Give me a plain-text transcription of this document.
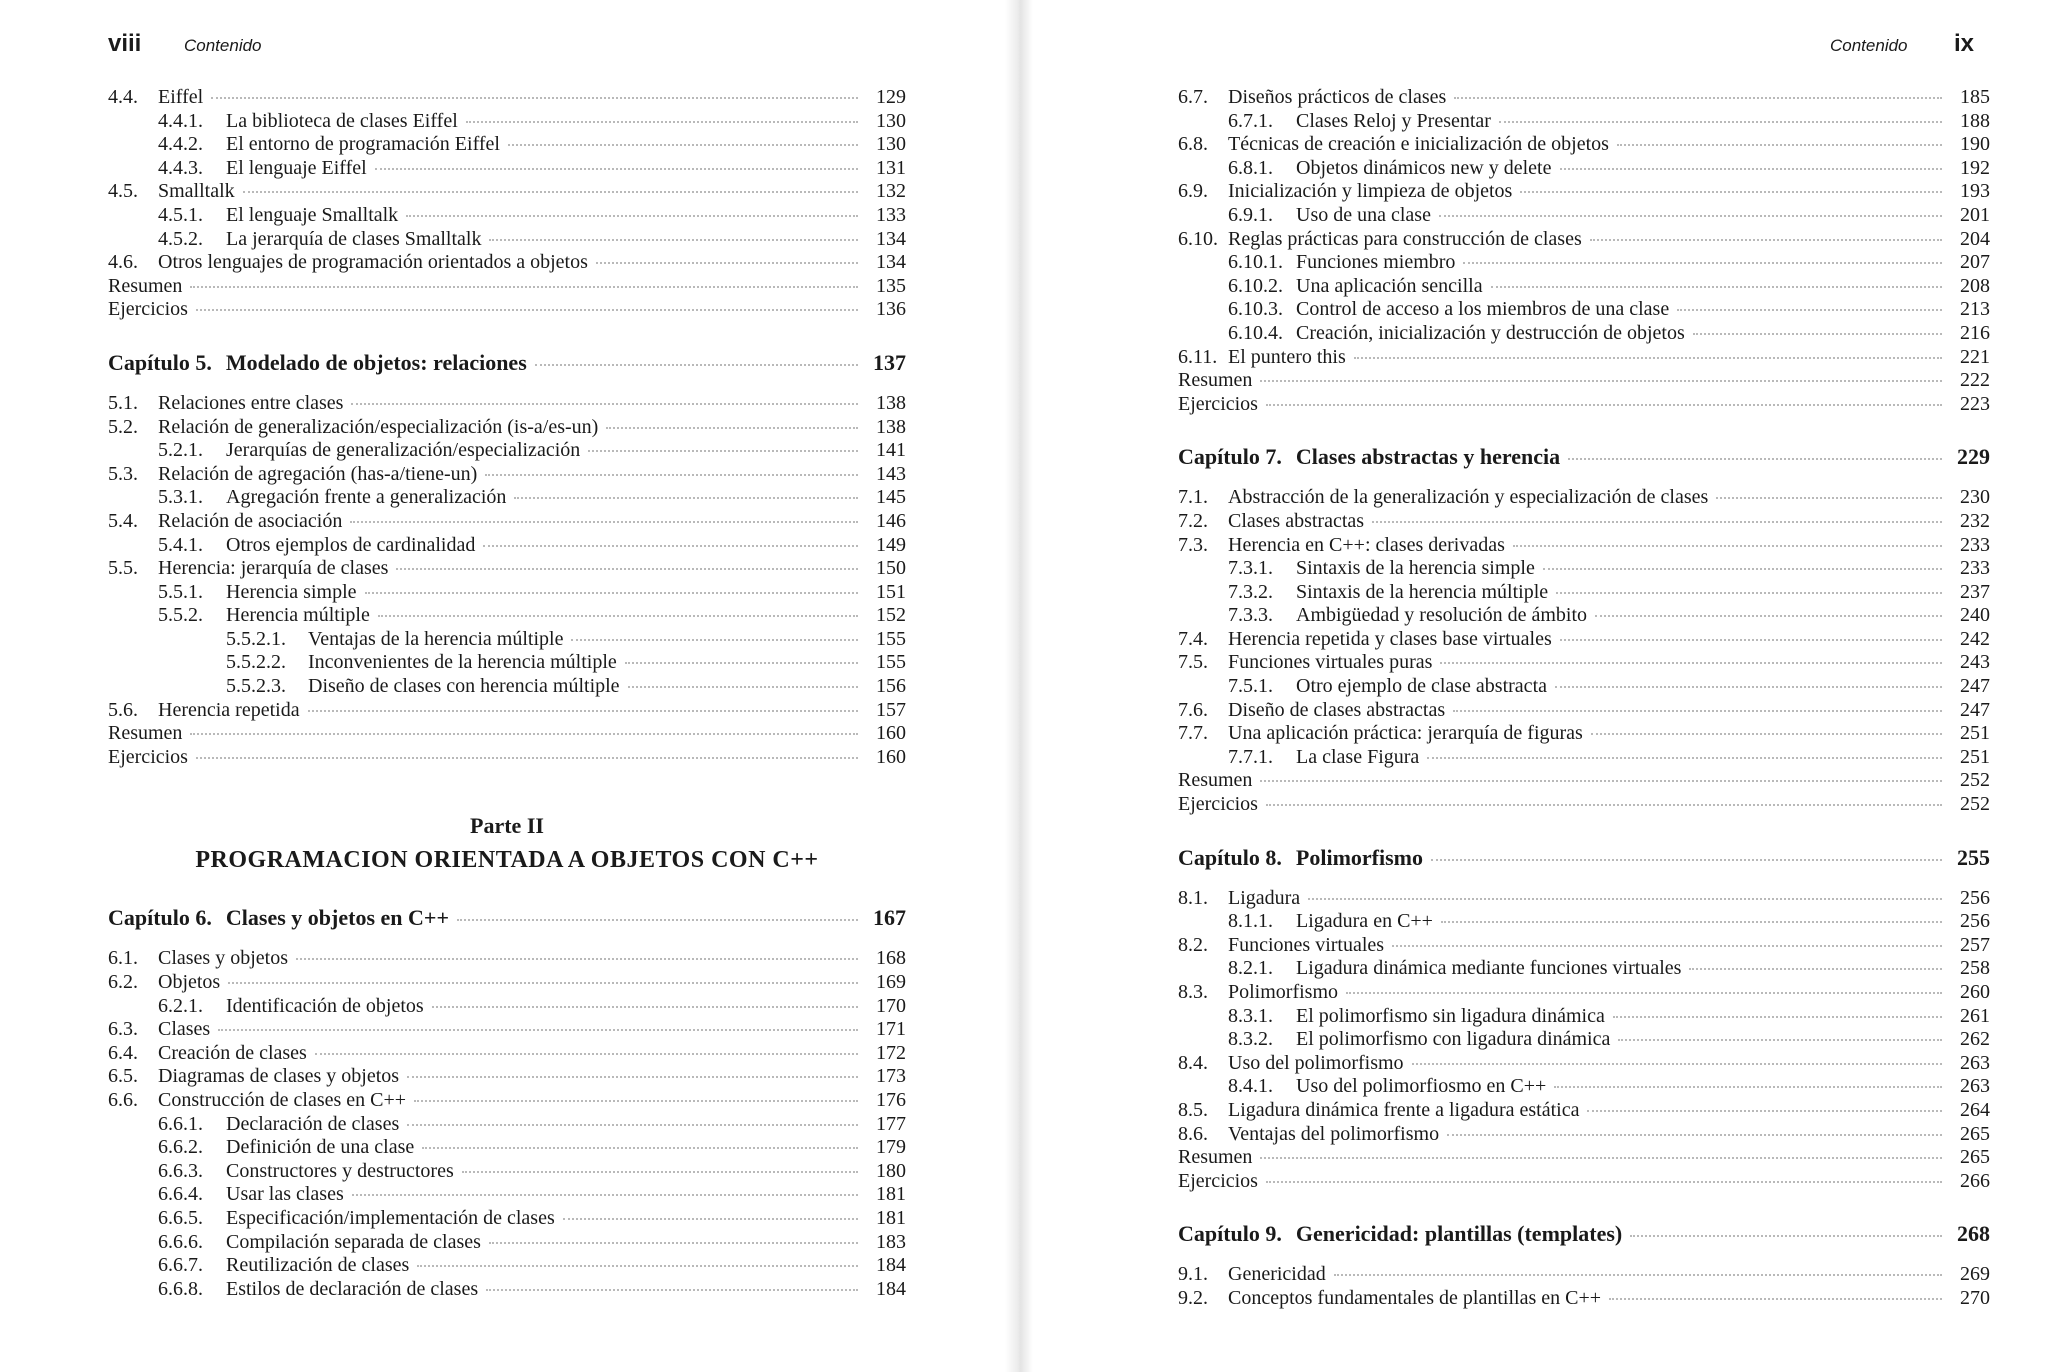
viii	Contenido
4.4.	Eiffel	129
4.4.1.	La biblioteca de clases Eiffel	130
4.4.2.	El entorno de programación Eiffel	130
4.4.3.	El lenguaje Eiffel	131
4.5.	Smalltalk	132
4.5.1.	El lenguaje Smalltalk	133
4.5.2.	La jerarquía de clases Smalltalk	134
4.6.	Otros lenguajes de programación orientados a objetos	134
Resumen	135
Ejercicios	136
Capítulo 5. Modelado de objetos: relaciones	137
5.1.	Relaciones entre clases	138
5.2.	Relación de generalización/especialización (is-a/es-un)	138
5.2.1.	Jerarquías de generalización/especialización	141
5.3.	Relación de agregación (has-a/tiene-un)	143
5.3.1.	Agregación frente a generalización	145
5.4.	Relación de asociación	146
5.4.1.	Otros ejemplos de cardinalidad	149
5.5.	Herencia: jerarquía de clases	150
5.5.1.	Herencia simple	151
5.5.2.	Herencia múltiple	152
5.5.2.1.	Ventajas de la herencia múltiple	155
5.5.2.2.	Inconvenientes de la herencia múltiple	155
5.5.2.3.	Diseño de clases con herencia múltiple	156
5.6.	Herencia repetida	157
Resumen	160
Ejercicios	160
Parte II
PROGRAMACION ORIENTADA A OBJETOS CON C++
Capítulo 6. Clases y objetos en C++	167
6.1.	Clases y objetos	168
6.2.	Objetos	169
6.2.1.	Identificación de objetos	170
6.3.	Clases	171
6.4.	Creación de clases	172
6.5.	Diagramas de clases y objetos	173
6.6.	Construcción de clases en C++	176
6.6.1.	Declaración de clases	177
6.6.2.	Definición de una clase	179
6.6.3.	Constructores y destructores	180
6.6.4.	Usar las clases	181
6.6.5.	Especificación/implementación de clases	181
6.6.6.	Compilación separada de clases	183
6.6.7.	Reutilización de clases	184
6.6.8.	Estilos de declaración de clases	184
Contenido ix
6.7.	Diseños prácticos de clases	185
6.7.1.	Clases Reloj y Presentar	188
6.8.	Técnicas de creación e inicialización de objetos	190
6.8.1.	Objetos dinámicos new y delete	192
6.9.	Inicialización y limpieza de objetos	193
6.9.1.	Uso de una clase	201
6.10. Reglas prácticas para construcción de clases	204
6.10.1. Funciones miembro	207
6.10.2. Una aplicación sencilla	208
6.10.3. Control de acceso a los miembros de una clase	213
6.10.4. Creación, inicialización y destrucción de objetos	216
6.11. El puntero this	221
Resumen	222
Ejercicios	223
Capítulo 7. Clases abstractas y herencia	229
7.1.	Abstracción de la generalización y especialización de clases	230
7.2.	Clases abstractas	232
7.3.	Herencia en C++: clases derivadas	233
7.3.1.	Sintaxis de la herencia simple	233
7.3.2.	Sintaxis de la herencia múltiple	237
7.3.3.	Ambigüedad y resolución de ámbito	240
7.4.	Herencia repetida y clases base virtuales	242
7.5.	Funciones virtuales puras	243
7.5.1.	Otro ejemplo de clase abstracta	247
7.6.	Diseño de clases abstractas	247
7.7.	Una aplicación práctica: jerarquía de figuras	251
7.7.1.	La clase Figura	251
Resumen	252
Ejercicios	252
Capítulo 8. Polimorfismo	255
8.1.	Ligadura	256
8.1.1.	Ligadura en C++	256
8.2.	Funciones virtuales	257
8.2.1.	Ligadura dinámica mediante funciones virtuales	258
8.3.	Polimorfismo	260
8.3.1.	El polimorfismo sin ligadura dinámica	261
8.3.2.	El polimorfismo con ligadura dinámica	262
8.4.	Uso del polimorfismo	263
8.4.1.	Uso del polimorfiosmo en C++	263
8.5.	Ligadura dinámica frente a ligadura estática	264
8.6.	Ventajas del polimorfismo	265
Resumen	265
Ejercicios	266
Capítulo 9. Genericidad: plantillas (templates)	268
9.1.	Genericidad	269
9.2.	Conceptos fundamentales de plantillas en C++	270
